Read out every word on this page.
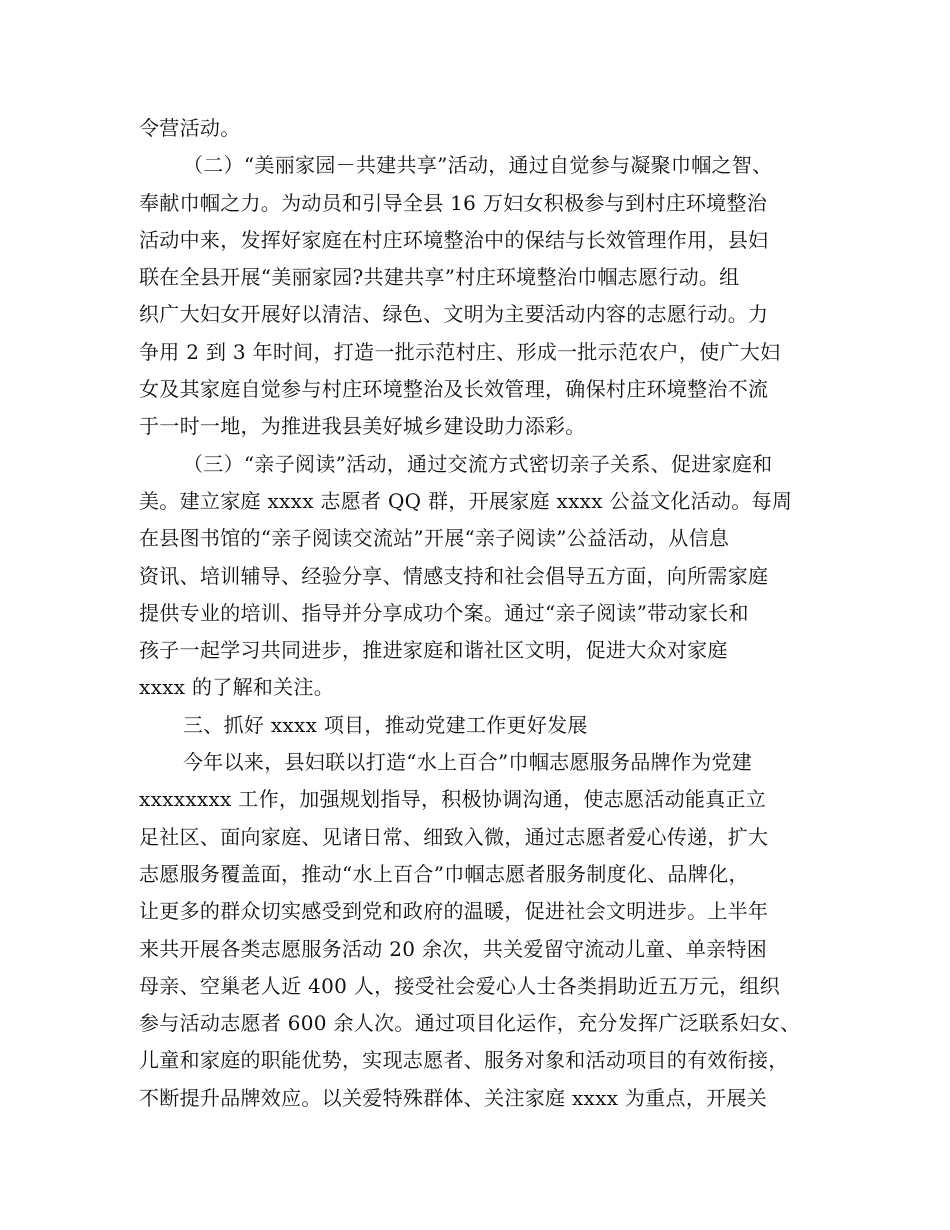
令营活动。
（二）“美丽家园－共建共享”活动，通过自觉参与凝聚巾帼之智、
奉献巾帼之力。为动员和引导全县 16 万妇女积极参与到村庄环境整治
活动中来，发挥好家庭在村庄环境整治中的保结与长效管理作用，县妇
联在全县开展“美丽家园?共建共享”村庄环境整治巾帼志愿行动。组
织广大妇女开展好以清洁、绿色、文明为主要活动内容的志愿行动。力
争用 2 到 3 年时间，打造一批示范村庄、形成一批示范农户，使广大妇
女及其家庭自觉参与村庄环境整治及长效管理，确保村庄环境整治不流
于一时一地，为推进我县美好城乡建设助力添彩。
（三）“亲子阅读”活动，通过交流方式密切亲子关系、促进家庭和
美。建立家庭 xxxx 志愿者 QQ 群，开展家庭 xxxx 公益文化活动。每周
在县图书馆的“亲子阅读交流站”开展“亲子阅读”公益活动，从信息
资讯、培训辅导、经验分享、情感支持和社会倡导五方面，向所需家庭
提供专业的培训、指导并分享成功个案。通过“亲子阅读”带动家长和
孩子一起学习共同进步，推进家庭和谐社区文明，促进大众对家庭
xxxx 的了解和关注。
三、抓好 xxxx 项目，推动党建工作更好发展
今年以来，县妇联以打造“水上百合”巾帼志愿服务品牌作为党建
xxxxxxxx 工作，加强规划指导，积极协调沟通，使志愿活动能真正立
足社区、面向家庭、见诸日常、细致入微，通过志愿者爱心传递，扩大
志愿服务覆盖面，推动“水上百合”巾帼志愿者服务制度化、品牌化，
让更多的群众切实感受到党和政府的温暖，促进社会文明进步。上半年
来共开展各类志愿服务活动 20 余次，共关爱留守流动儿童、单亲特困
母亲、空巢老人近 400 人，接受社会爱心人士各类捐助近五万元，组织
参与活动志愿者 600 余人次。通过项目化运作，充分发挥广泛联系妇女、
儿童和家庭的职能优势，实现志愿者、服务对象和活动项目的有效衔接，
不断提升品牌效应。以关爱特殊群体、关注家庭 xxxx 为重点，开展关
